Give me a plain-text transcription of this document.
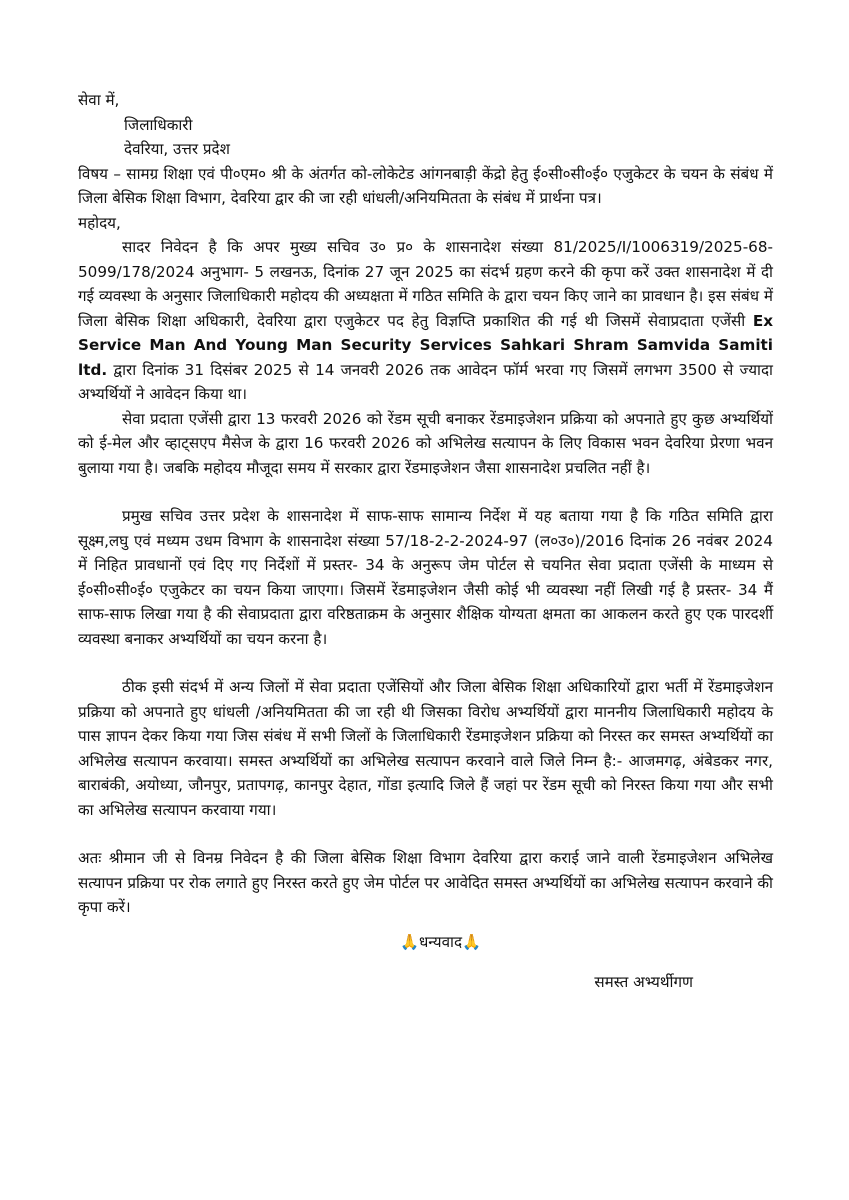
सेवा में,
जिलाधिकारी
देवरिया, उत्तर प्रदेश

विषय – सामग्र शिक्षा एवं पी०एम० श्री के अंतर्गत को-लोकेटेड आंगनबाड़ी केंद्रो हेतु ई०सी०सी०ई० एजुकेटर के चयन के संबंध में जिला बेसिक शिक्षा विभाग, देवरिया द्वार की जा रही धांधली/अनियमितता के संबंध में प्रार्थना पत्र।

महोदय,

सादर निवेदन है कि अपर मुख्य सचिव उ० प्र० के शासनादेश संख्या 81/2025/I/1006319/2025-68-5099/178/2024 अनुभाग- 5 लखनऊ, दिनांक 27 जून 2025 का संदर्भ ग्रहण करने की कृपा करें उक्त शासनादेश में दी गई व्यवस्था के अनुसार जिलाधिकारी महोदय की अध्यक्षता में गठित समिति के द्वारा चयन किए जाने का प्रावधान है। इस संबंध में जिला बेसिक शिक्षा अधिकारी, देवरिया द्वारा एजुकेटर पद हेतु विज्ञप्ति प्रकाशित की गई थी जिसमें सेवाप्रदाता एजेंसी Ex Service Man And Young Man Security Services Sahkari Shram Samvida Samiti ltd. द्वारा दिनांक 31 दिसंबर 2025 से 14 जनवरी 2026 तक आवेदन फॉर्म भरवा गए जिसमें लगभग 3500 से ज्यादा अभ्यर्थियों ने आवेदन किया था।

सेवा प्रदाता एजेंसी द्वारा 13 फरवरी 2026 को रेंडम सूची बनाकर रेंडमाइजेशन प्रक्रिया को अपनाते हुए कुछ अभ्यर्थियों को ई-मेल और व्हाट्सएप मैसेज के द्वारा 16 फरवरी 2026 को अभिलेख सत्यापन के लिए विकास भवन देवरिया प्रेरणा भवन बुलाया गया है। जबकि महोदय मौजूदा समय में सरकार द्वारा रेंडमाइजेशन जैसा शासनादेश प्रचलित नहीं है।

प्रमुख सचिव उत्तर प्रदेश के शासनादेश में साफ-साफ सामान्य निर्देश में यह बताया गया है कि गठित समिति द्वारा सूक्ष्म,लघु एवं मध्यम उधम विभाग के शासनादेश संख्या 57/18-2-2-2024-97 (ल०उ०)/2016 दिनांक 26 नवंबर 2024 में निहित प्रावधानों एवं दिए गए निर्देशों में प्रस्तर- 34 के अनुरूप जेम पोर्टल से चयनित सेवा प्रदाता एजेंसी के माध्यम से ई०सी०सी०ई० एजुकेटर का चयन किया जाएगा। जिसमें रेंडमाइजेशन जैसी कोई भी व्यवस्था नहीं लिखी गई है प्रस्तर- 34 मैं साफ-साफ लिखा गया है की सेवाप्रदाता द्वारा वरिष्ठताक्रम के अनुसार शैक्षिक योग्यता क्षमता का आकलन करते हुए एक पारदर्शी व्यवस्था बनाकर अभ्यर्थियों का चयन करना है।

ठीक इसी संदर्भ में अन्य जिलों में सेवा प्रदाता एजेंसियों और जिला बेसिक शिक्षा अधिकारियों द्वारा भर्ती में रेंडमाइजेशन प्रक्रिया को अपनाते हुए धांधली /अनियमितता की जा रही थी जिसका विरोध अभ्यर्थियों द्वारा माननीय जिलाधिकारी महोदय के पास ज्ञापन देकर किया गया जिस संबंध में सभी जिलों के जिलाधिकारी रेंडमाइजेशन प्रक्रिया को निरस्त कर समस्त अभ्यर्थियों का अभिलेख सत्यापन करवाया। समस्त अभ्यर्थियों का अभिलेख सत्यापन करवाने वाले जिले निम्न है:- आजमगढ़, अंबेडकर नगर, बाराबंकी, अयोध्या, जौनपुर, प्रतापगढ़, कानपुर देहात, गोंडा इत्यादि जिले हैं जहां पर रेंडम सूची को निरस्त किया गया और सभी का अभिलेख सत्यापन करवाया गया।

अतः श्रीमान जी से विनम्र निवेदन है की जिला बेसिक शिक्षा विभाग देवरिया द्वारा कराई जाने वाली रेंडमाइजेशन अभिलेख सत्यापन प्रक्रिया पर रोक लगाते हुए निरस्त करते हुए जेम पोर्टल पर आवेदित समस्त अभ्यर्थियों का अभिलेख सत्यापन करवाने की कृपा करें।

🙏धन्यवाद🙏
समस्त अभ्यर्थीगण
